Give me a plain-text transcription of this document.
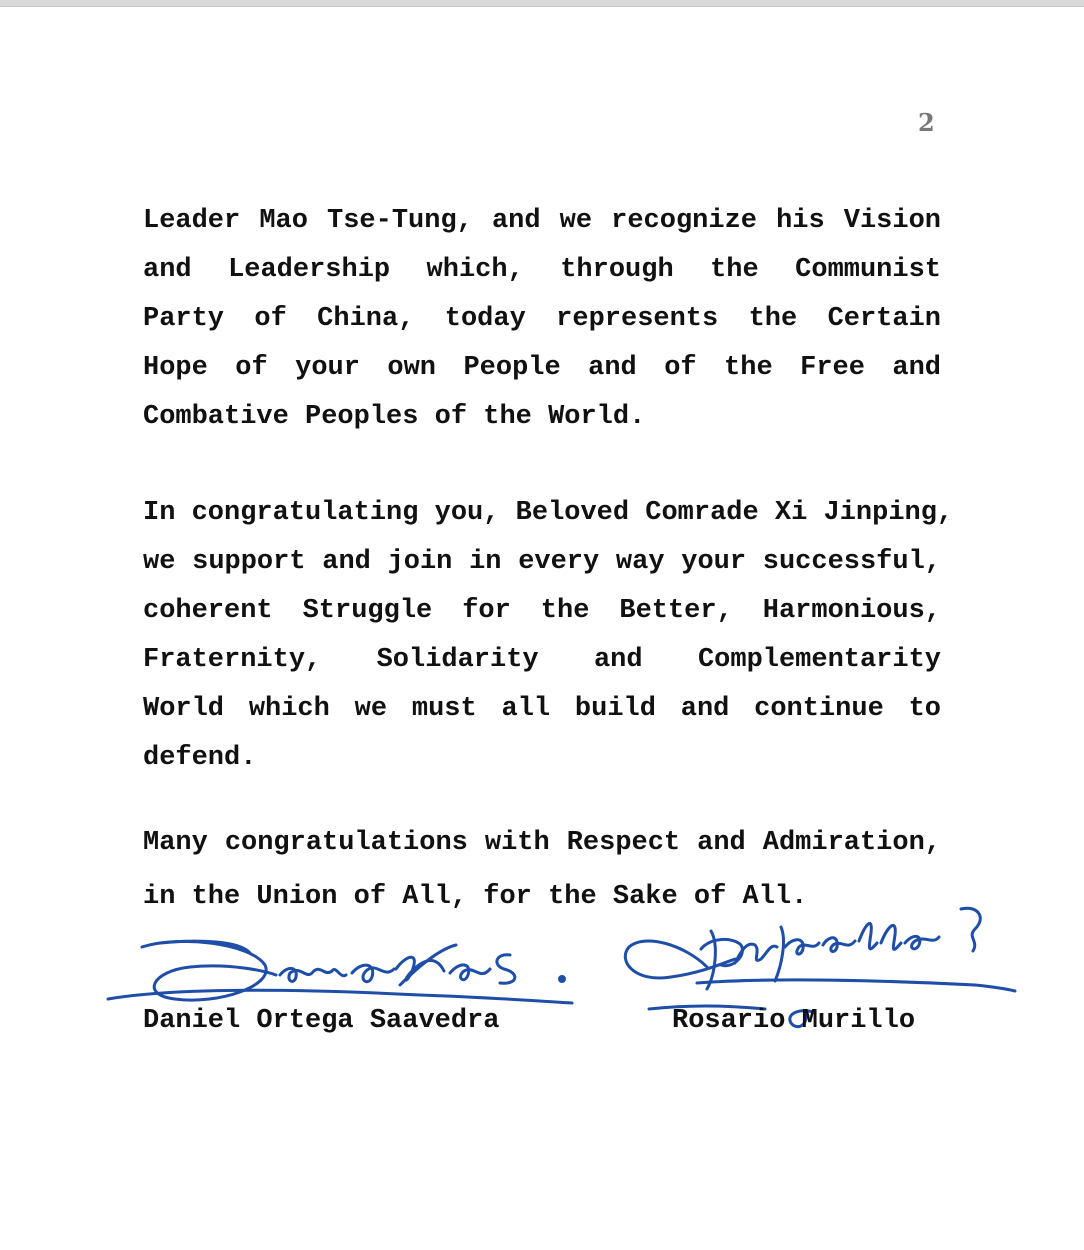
2

Leader Mao Tse-Tung, and we recognize his Vision
and Leadership which, through the Communist
Party of China, today represents the Certain
Hope of your own People and of the Free and
Combative Peoples of the World.

In congratulating you, Beloved Comrade Xi Jinping,
we support and join in every way your successful,
coherent Struggle for the Better, Harmonious,
Fraternity, Solidarity and Complementarity
World which we must all build and continue to
defend.

Many congratulations with Respect and Admiration,
in the Union of All, for the Sake of All.

Daniel Ortega Saavedra	Rosario Murillo
